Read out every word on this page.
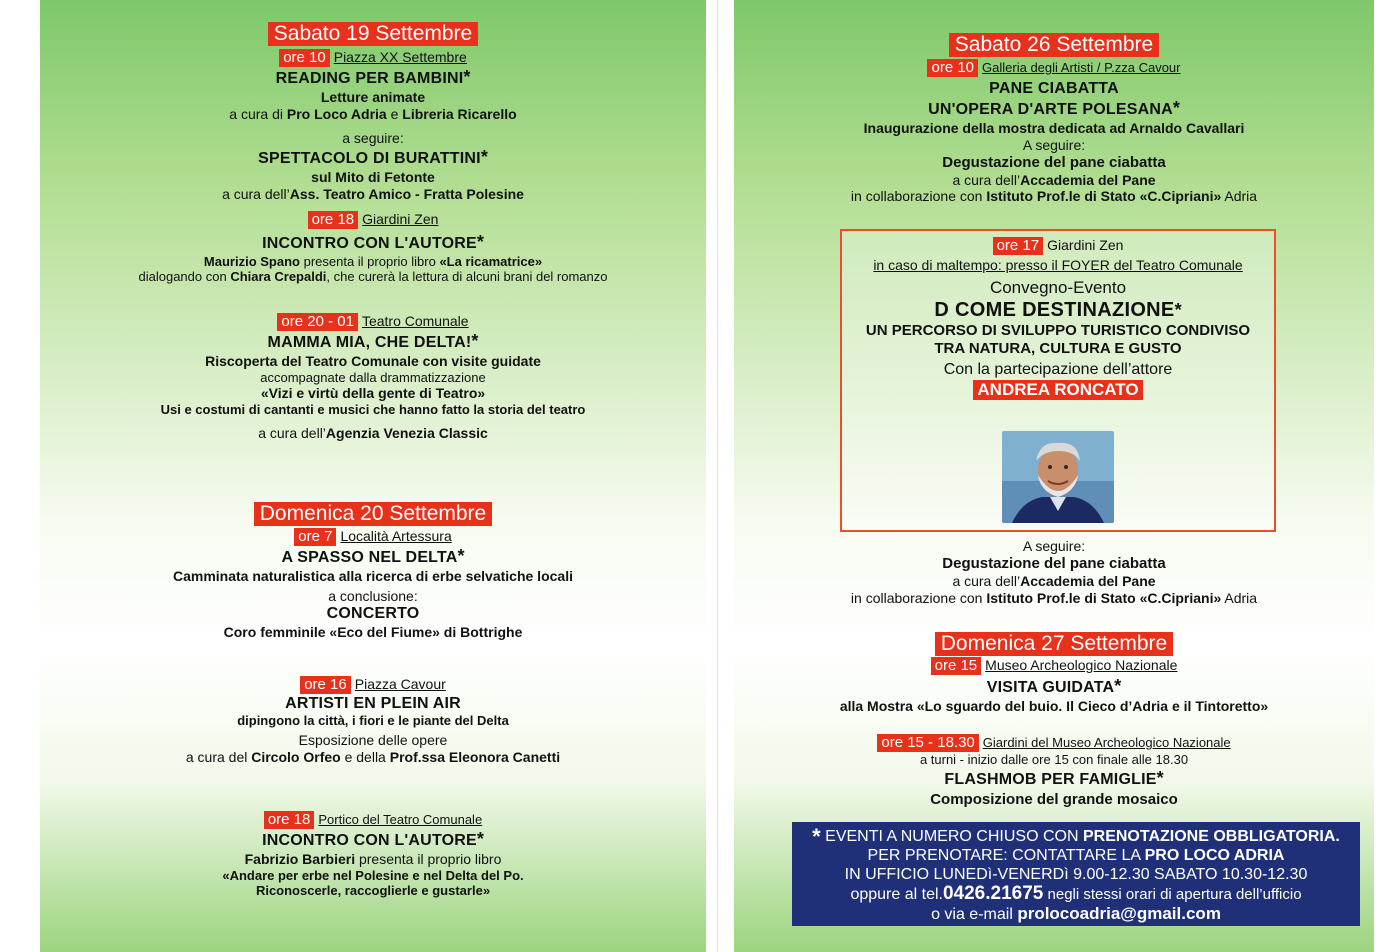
Sabato 19 Settembre
ore 10 Piazza XX Settembre
READING PER BAMBINI*
Letture animate
a cura di Pro Loco Adria e Libreria Ricarello
a seguire:
SPETTACOLO DI BURATTINI*
sul Mito di Fetonte
a cura dell’Ass. Teatro Amico - Fratta Polesine
ore 18 Giardini Zen
INCONTRO CON L'AUTORE*
Maurizio Spano presenta il proprio libro «La ricamatrice»
dialogando con Chiara Crepaldi, che curerà la lettura di alcuni brani del romanzo
ore 20 - 01 Teatro Comunale
MAMMA MIA, CHE DELTA!*
Riscoperta del Teatro Comunale con visite guidate
accompagnate dalla drammatizzazione
«Vizi e virtù della gente di Teatro»
Usi e costumi di cantanti e musici che hanno fatto la storia del teatro
a cura dell’Agenzia Venezia Classic
Domenica 20 Settembre
ore 7 Località Artessura
A SPASSO NEL DELTA*
Camminata naturalistica alla ricerca di erbe selvatiche locali
a conclusione:
CONCERTO
Coro femminile «Eco del Fiume» di Bottrighe
ore 16 Piazza Cavour
ARTISTI EN PLEIN AIR
dipingono la città, i fiori e le piante del Delta
Esposizione delle opere
a cura del Circolo Orfeo e della Prof.ssa Eleonora Canetti
ore 18 Portico del Teatro Comunale
INCONTRO CON L'AUTORE*
Fabrizio Barbieri presenta il proprio libro
«Andare per erbe nel Polesine e nel Delta del Po.
Riconoscerle, raccoglierle e gustarle»
Sabato 26 Settembre
ore 10 Galleria degli Artisti / P.zza Cavour
PANE CIABATTA
UN'OPERA D'ARTE POLESANA*
Inaugurazione della mostra dedicata ad Arnaldo Cavallari
A seguire:
Degustazione del pane ciabatta
a cura dell’Accademia del Pane
in collaborazione con Istituto Prof.le di Stato «C.Cipriani» Adria
ore 17 Giardini Zen
in caso di maltempo: presso il FOYER del Teatro Comunale
Convegno-Evento
D COME DESTINAZIONE*
UN PERCORSO DI SVILUPPO TURISTICO CONDIVISO
TRA NATURA, CULTURA E GUSTO
Con la partecipazione dell’attore
ANDREA RONCATO
A seguire:
Degustazione del pane ciabatta
a cura dell’Accademia del Pane
in collaborazione con Istituto Prof.le di Stato «C.Cipriani» Adria
Domenica 27 Settembre
ore 15 Museo Archeologico Nazionale
VISITA GUIDATA*
alla Mostra «Lo sguardo del buio. Il Cieco d’Adria e il Tintoretto»
ore 15 - 18.30 Giardini del Museo Archeologico Nazionale
a turni - inizio dalle ore 15 con finale alle 18.30
FLASHMOB PER FAMIGLIE*
Composizione del grande mosaico
* EVENTI A NUMERO CHIUSO CON PRENOTAZIONE OBBLIGATORIA.
PER PRENOTARE: CONTATTARE LA PRO LOCO ADRIA
IN UFFICIO LUNEDì-VENERDì 9.00-12.30 SABATO 10.30-12.30
oppure al tel.0426.21675 negli stessi orari di apertura dell’ufficio
o via e-mail prolocoadria@gmail.com
